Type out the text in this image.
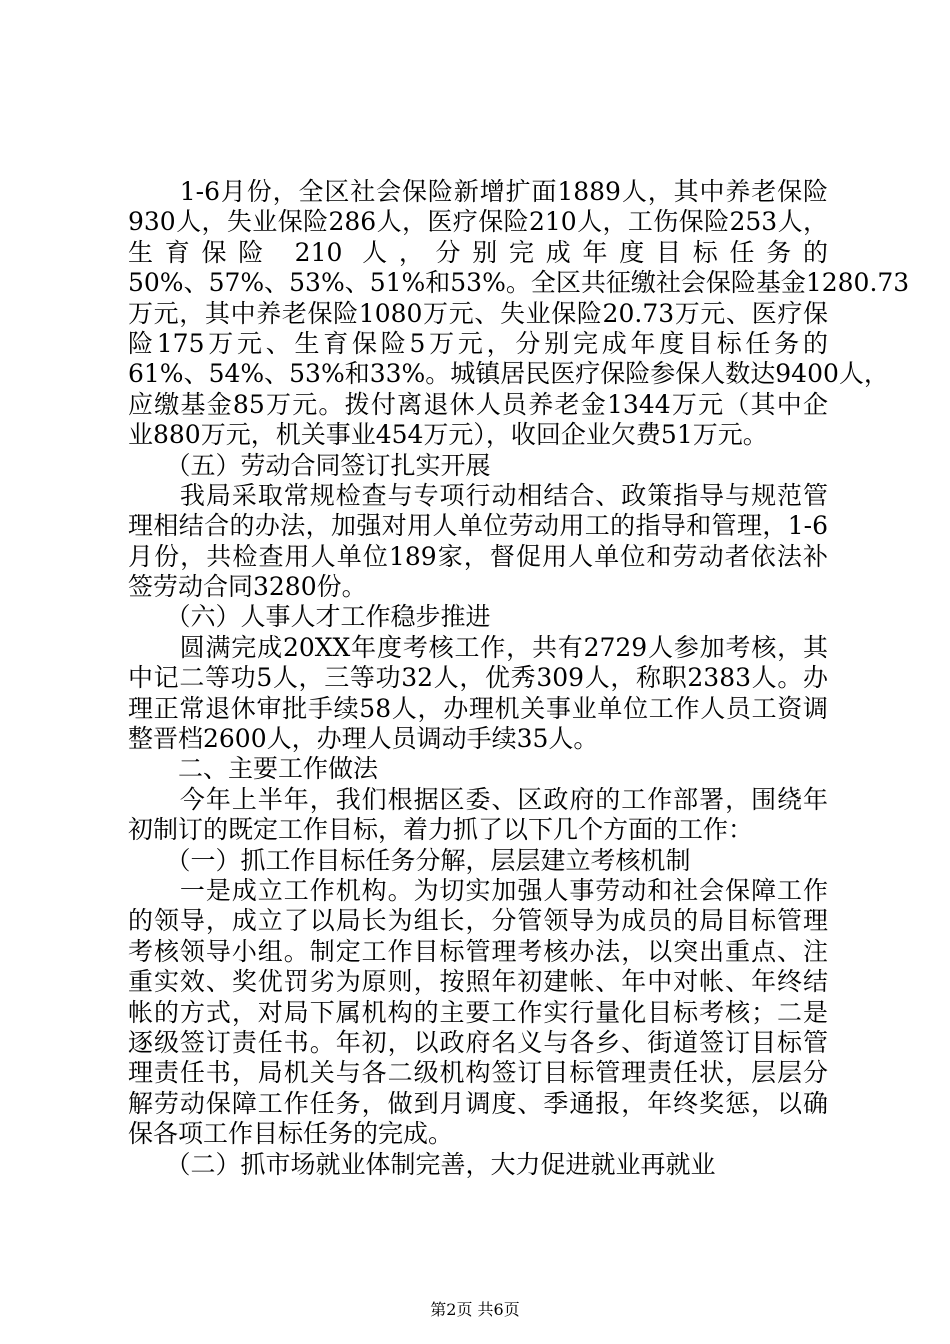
　　1-6月份，全区社会保险新增扩面1889人，其中养老保险
930人，失业保险286人，医疗保险210人，工伤保险253人，
生育保险 210 人，分别完成年度目标任务的
50%、57%、53%、51%和53%。全区共征缴社会保险基金1280.73
万元，其中养老保险1080万元、失业保险20.73万元、医疗保
险175万元、生育保险5万元，分别完成年度目标任务的
61%、54%、53%和33%。城镇居民医疗保险参保人数达9400人，
应缴基金85万元。拨付离退休人员养老金1344万元（其中企
业880万元，机关事业454万元），收回企业欠费51万元。
　　（五）劳动合同签订扎实开展
　　我局采取常规检查与专项行动相结合、政策指导与规范管
理相结合的办法，加强对用人单位劳动用工的指导和管理，1-6
月份，共检查用人单位189家，督促用人单位和劳动者依法补
签劳动合同3280份。
　　（六）人事人才工作稳步推进
　　圆满完成20XX年度考核工作，共有2729人参加考核，其
中记二等功5人，三等功32人，优秀309人，称职2383人。办
理正常退休审批手续58人，办理机关事业单位工作人员工资调
整晋档2600人，办理人员调动手续35人。
　　二、主要工作做法
　　今年上半年，我们根据区委、区政府的工作部署，围绕年
初制订的既定工作目标，着力抓了以下几个方面的工作：
　　（一）抓工作目标任务分解，层层建立考核机制
　　一是成立工作机构。为切实加强人事劳动和社会保障工作
的领导，成立了以局长为组长，分管领导为成员的局目标管理
考核领导小组。制定工作目标管理考核办法，以突出重点、注
重实效、奖优罚劣为原则，按照年初建帐、年中对帐、年终结
帐的方式，对局下属机构的主要工作实行量化目标考核；二是
逐级签订责任书。年初，以政府名义与各乡、街道签订目标管
理责任书，局机关与各二级机构签订目标管理责任状，层层分
解劳动保障工作任务，做到月调度、季通报，年终奖惩，以确
保各项工作目标任务的完成。
　　（二）抓市场就业体制完善，大力促进就业再就业
第2页 共6页
